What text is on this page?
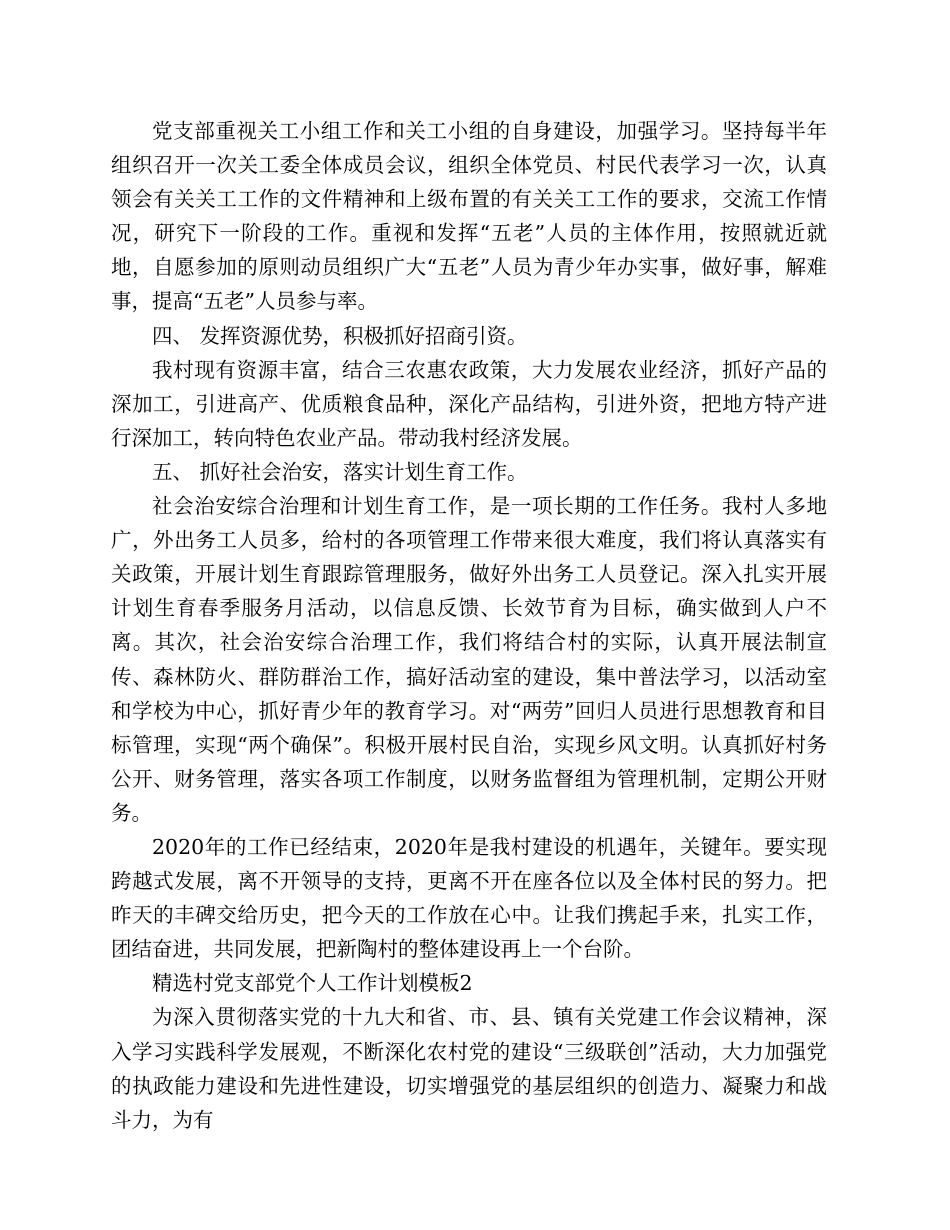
党支部重视关工小组工作和关工小组的自身建设，加强学习。坚持每半年组织召开一次关工委全体成员会议，组织全体党员、村民代表学习一次，认真领会有关关工工作的文件精神和上级布置的有关关工工作的要求，交流工作情况，研究下一阶段的工作。重视和发挥“五老”人员的主体作用，按照就近就地，自愿参加的原则动员组织广大“五老”人员为青少年办实事，做好事，解难事，提高“五老”人员参与率。

四、 发挥资源优势，积极抓好招商引资。

我村现有资源丰富，结合三农惠农政策，大力发展农业经济，抓好产品的深加工，引进高产、优质粮食品种，深化产品结构，引进外资，把地方特产进行深加工，转向特色农业产品。带动我村经济发展。

五、 抓好社会治安，落实计划生育工作。

社会治安综合治理和计划生育工作，是一项长期的工作任务。我村人多地广，外出务工人员多，给村的各项管理工作带来很大难度，我们将认真落实有关政策，开展计划生育跟踪管理服务，做好外出务工人员登记。深入扎实开展计划生育春季服务月活动，以信息反馈、长效节育为目标，确实做到人户不离。其次，社会治安综合治理工作，我们将结合村的实际，认真开展法制宣传、森林防火、群防群治工作，搞好活动室的建设，集中普法学习，以活动室和学校为中心，抓好青少年的教育学习。对“两劳”回归人员进行思想教育和目标管理，实现“两个确保”。积极开展村民自治，实现乡风文明。认真抓好村务公开、财务管理，落实各项工作制度，以财务监督组为管理机制，定期公开财务。

2020年的工作已经结束，2020年是我村建设的机遇年，关键年。要实现跨越式发展，离不开领导的支持，更离不开在座各位以及全体村民的努力。把昨天的丰碑交给历史，把今天的工作放在心中。让我们携起手来，扎实工作，团结奋进，共同发展，把新陶村的整体建设再上一个台阶。

精选村党支部党个人工作计划模板2

为深入贯彻落实党的十九大和省、市、县、镇有关党建工作会议精神，深入学习实践科学发展观，不断深化农村党的建设“三级联创”活动，大力加强党的执政能力建设和先进性建设，切实增强党的基层组织的创造力、凝聚力和战斗力，为有
